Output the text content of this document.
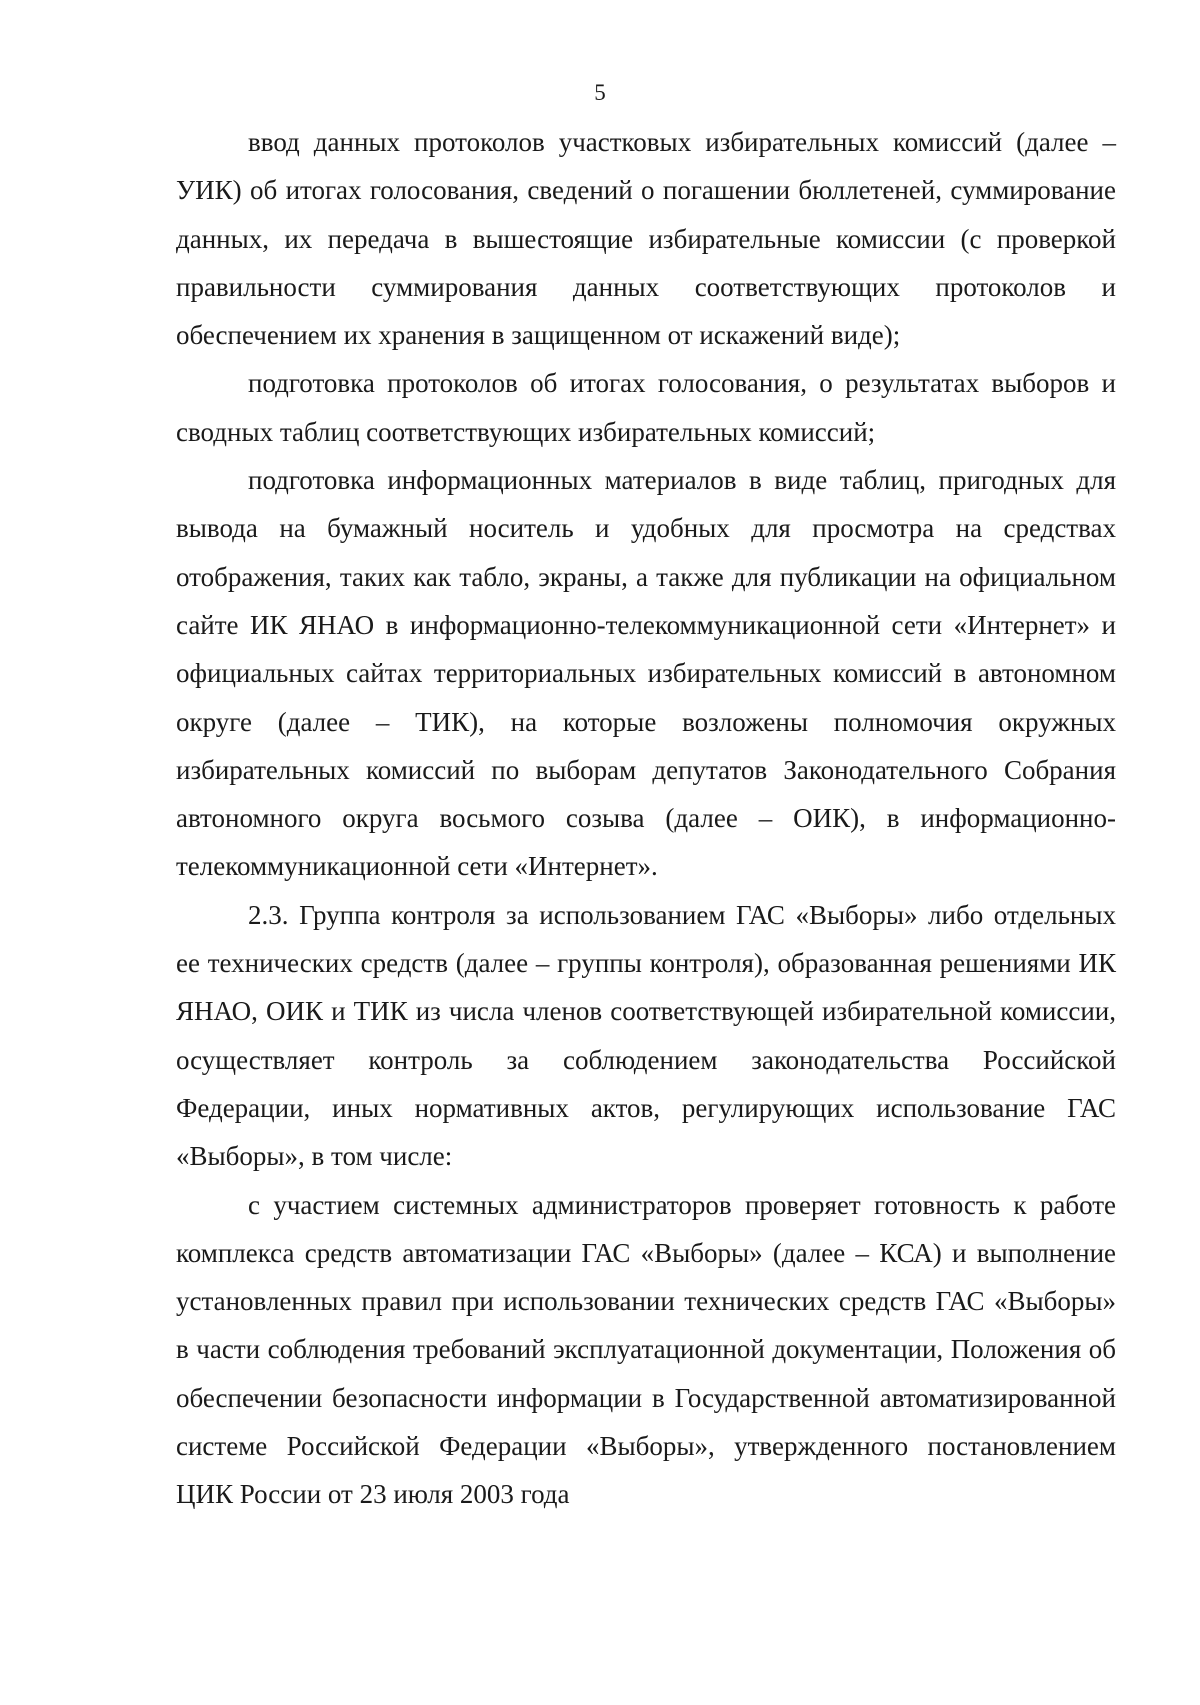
5

ввод данных протоколов участковых избирательных комиссий (далее – УИК) об итогах голосования, сведений о погашении бюллетеней, суммирование данных, их передача в вышестоящие избирательные комиссии (с проверкой правильности суммирования данных соответствующих протоколов и обеспечением их хранения в защищенном от искажений виде);

подготовка протоколов об итогах голосования, о результатах выборов и сводных таблиц соответствующих избирательных комиссий;

подготовка информационных материалов в виде таблиц, пригодных для вывода на бумажный носитель и удобных для просмотра на средствах отображения, таких как табло, экраны, а также для публикации на официальном сайте ИК ЯНАО в информационно-телекоммуникационной сети «Интернет» и официальных сайтах территориальных избирательных комиссий в автономном округе (далее – ТИК), на которые возложены полномочия окружных избирательных комиссий по выборам депутатов Законодательного Собрания автономного округа восьмого созыва (далее – ОИК), в информационно-телекоммуникационной сети «Интернет».

2.3. Группа контроля за использованием ГАС «Выборы» либо отдельных ее технических средств (далее – группы контроля), образованная решениями ИК ЯНАО, ОИК и ТИК из числа членов соответствующей избирательной комиссии, осуществляет контроль за соблюдением законодательства Российской Федерации, иных нормативных актов, регулирующих использование ГАС «Выборы», в том числе:

с участием системных администраторов проверяет готовность к работе комплекса средств автоматизации ГАС «Выборы» (далее – КСА) и выполнение установленных правил при использовании технических средств ГАС «Выборы» в части соблюдения требований эксплуатационной документации, Положения об обеспечении безопасности информации в Государственной автоматизированной системе Российской Федерации «Выборы», утвержденного постановлением ЦИК России от 23 июля 2003 года
